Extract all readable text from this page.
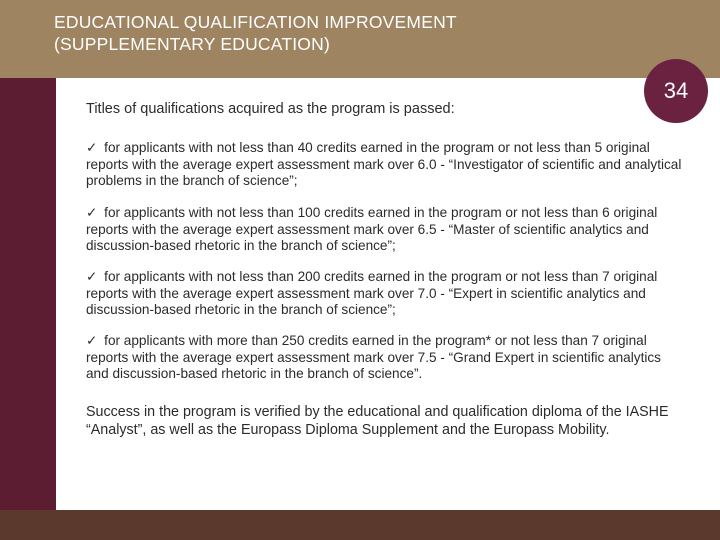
EDUCATIONAL QUALIFICATION IMPROVEMENT
(SUPPLEMENTARY EDUCATION)
34
Titles of qualifications acquired as the program is passed:
✓ for applicants with not less than 40 credits earned in the program or not less than 5 original reports with the average expert assessment mark over 6.0 - “Investigator of scientific and analytical problems in the branch of science”;
✓ for applicants with not less than 100 credits earned in the program or not less than 6 original reports with the average expert assessment mark over 6.5 - “Master of scientific analytics and discussion-based rhetoric in the branch of science”;
✓ for applicants with not less than 200 credits earned in the program or not less than 7 original reports with the average expert assessment mark over 7.0 - “Expert in scientific analytics and discussion-based rhetoric in the branch of science”;
✓ for applicants with more than 250 credits earned in the program* or not less than 7 original reports with the average expert assessment mark over 7.5 - “Grand Expert in scientific analytics and discussion-based rhetoric in the branch of science”.
Success in the program is verified by the educational and qualification diploma of the IASHE “Analyst”, as well as the Europass Diploma Supplement and the Europass Mobility.
